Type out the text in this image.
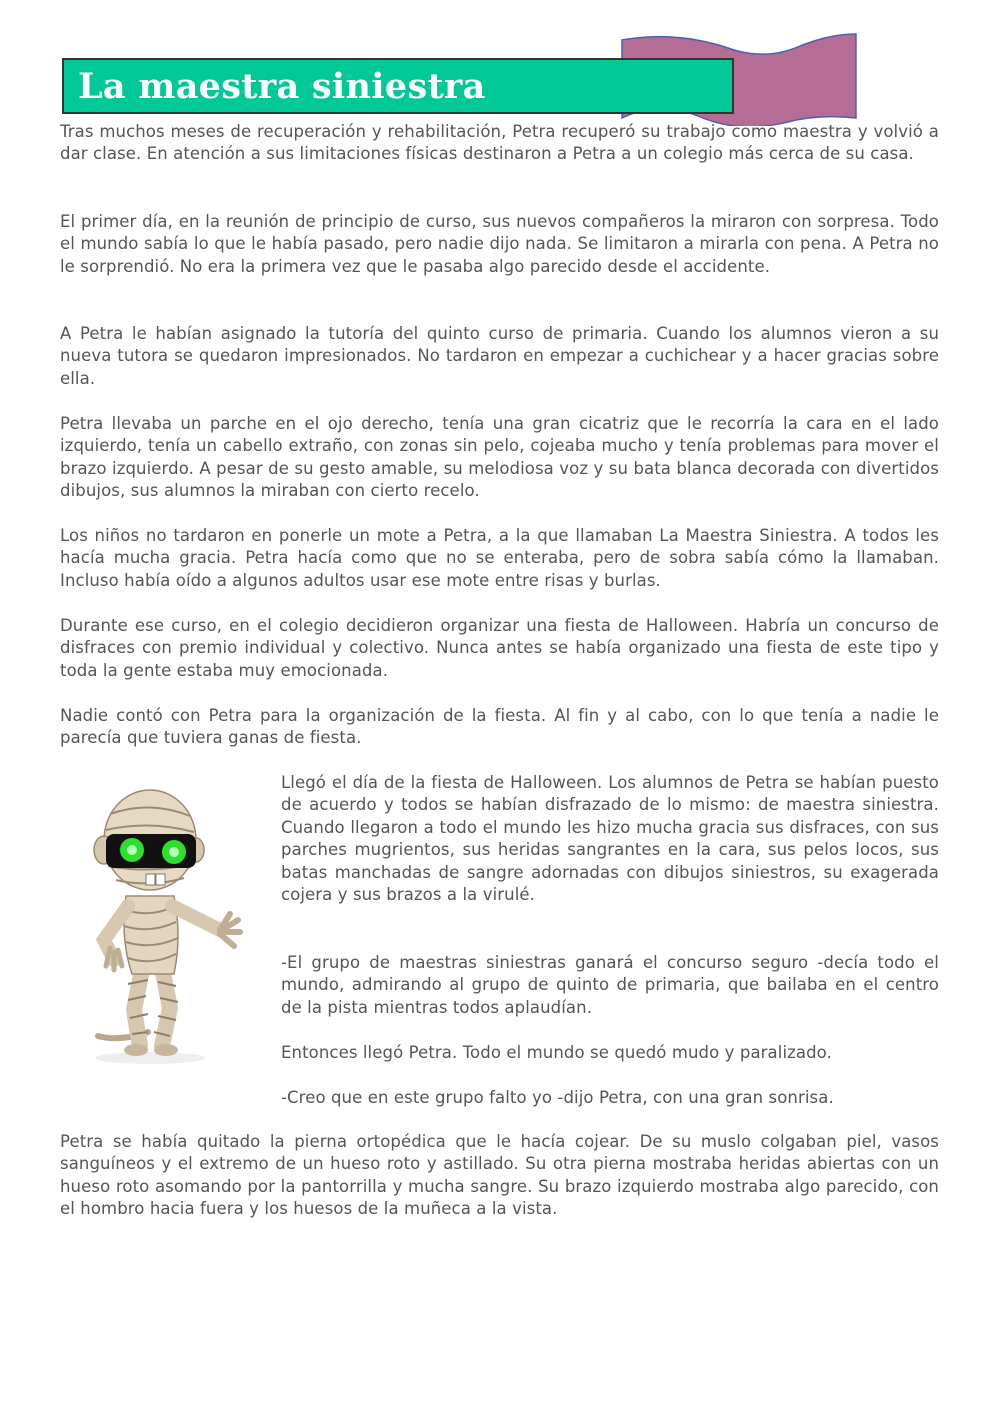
La maestra siniestra

Tras muchos meses de recuperación y rehabilitación, Petra recuperó su trabajo como maestra y volvió a dar clase. En atención a sus limitaciones físicas destinaron a Petra a un colegio más cerca de su casa.

El primer día, en la reunión de principio de curso, sus nuevos compañeros la miraron con sorpresa. Todo el mundo sabía lo que le había pasado, pero nadie dijo nada. Se limitaron a mirarla con pena. A Petra no le sorprendió. No era la primera vez que le pasaba algo parecido desde el accidente.

A Petra le habían asignado la tutoría del quinto curso de primaria. Cuando los alumnos vieron a su nueva tutora se quedaron impresionados. No tardaron en empezar a cuchichear y a hacer gracias sobre ella.

Petra llevaba un parche en el ojo derecho, tenía una gran cicatriz que le recorría la cara en el lado izquierdo, tenía un cabello extraño, con zonas sin pelo, cojeaba mucho y tenía problemas para mover el brazo izquierdo. A pesar de su gesto amable, su melodiosa voz y su bata blanca decorada con divertidos dibujos, sus alumnos la miraban con cierto recelo.

Los niños no tardaron en ponerle un mote a Petra, a la que llamaban La Maestra Siniestra. A todos les hacía mucha gracia. Petra hacía como que no se enteraba, pero de sobra sabía cómo la llamaban. Incluso había oído a algunos adultos usar ese mote entre risas y burlas.

Durante ese curso, en el colegio decidieron organizar una fiesta de Halloween. Habría un concurso de disfraces con premio individual y colectivo. Nunca antes se había organizado una fiesta de este tipo y toda la gente estaba muy emocionada.

Nadie contó con Petra para la organización de la fiesta. Al fin y al cabo, con lo que tenía a nadie le parecía que tuviera ganas de fiesta.

Llegó el día de la fiesta de Halloween. Los alumnos de Petra se habían puesto de acuerdo y todos se habían disfrazado de lo mismo: de maestra siniestra. Cuando llegaron a todo el mundo les hizo mucha gracia sus disfraces, con sus parches mugrientos, sus heridas sangrantes en la cara, sus pelos locos, sus batas manchadas de sangre adornadas con dibujos siniestros, su exagerada cojera y sus brazos a la virulé.

-El grupo de maestras siniestras ganará el concurso seguro -decía todo el mundo, admirando al grupo de quinto de primaria, que bailaba en el centro de la pista mientras todos aplaudían.

Entonces llegó Petra. Todo el mundo se quedó mudo y paralizado.

-Creo que en este grupo falto yo -dijo Petra, con una gran sonrisa.

Petra se había quitado la pierna ortopédica que le hacía cojear. De su muslo colgaban piel, vasos sanguíneos y el extremo de un hueso roto y astillado. Su otra pierna mostraba heridas abiertas con un hueso roto asomando por la pantorrilla y mucha sangre. Su brazo izquierdo mostraba algo parecido, con el hombro hacia fuera y los huesos de la muñeca a la vista.
